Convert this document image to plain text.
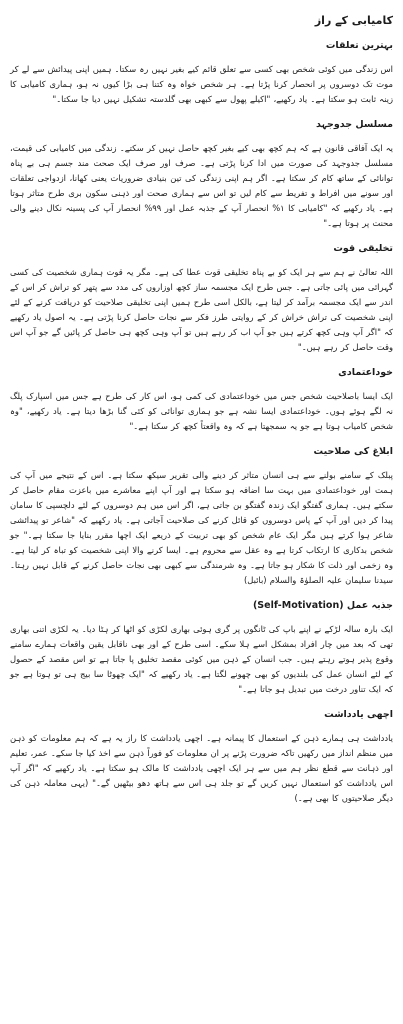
کامیابی کے راز
بہترین تعلقات

اس زندگی میں کوئی شخص بھی کسی سے تعلق قائم کیے بغیر نہیں رہ سکتا۔ ہمیں اپنی پیدائش سے لے کر موت تک دوسروں پر انحصار کرنا پڑتا ہے۔ ہر شخص خواہ وہ کتنا ہی بڑا کیوں نہ ہو، ہماری کامیابی کا زینہ ثابت ہو سکتا ہے۔ یاد رکھیے، "اکیلے پھول سے کبھی بھی گلدستہ تشکیل نہیں دیا جا سکتا۔"

مسلسل جدوجہد

یہ ایک آفاقی قانون ہے کہ ہم کچھ بھی کیے بغیر کچھ حاصل نہیں کر سکتے۔ زندگی میں کامیابی کی قیمت، مسلسل جدوجہد کی صورت میں ادا کرنا پڑتی ہے۔ صرف اور صرف ایک صحت مند جسم ہی بے پناہ توانائی کے ساتھ کام کر سکتا ہے۔ اگر ہم اپنی زندگی کی تین بنیادی ضروریات یعنی کھانا، ازدواجی تعلقات اور سونے میں افراط و تفریط سے کام لیں تو اس سے ہماری صحت اور ذہنی سکون بری طرح متاثر ہوتا ہے۔ یاد رکھیے کہ "کامیابی کا ۱% انحصار آپ کے جذبہ عمل اور ۹۹% انحصار آپ کی پسینہ نکال دینے والی محنت پر ہوتا ہے۔"

تخلیقی قوت

اللہ تعالیٰ نے ہم سے ہر ایک کو بے پناہ تخلیقی قوت عطا کی ہے۔ مگر یہ قوت ہماری شخصیت کی کسی گہرائی میں پائی جاتی ہے۔ جس طرح ایک مجسمہ ساز کچھ اوزاروں کی مدد سے پتھر کو تراش کر اس کے اندر سے ایک مجسمہ برآمد کر لیتا ہے، بالکل اسی طرح ہمیں اپنی تخلیقی صلاحیت کو دریافت کرنے کے لئے اپنی شخصیت کی تراش خراش کر کے روایتی طرز فکر سے نجات حاصل کرنا پڑتی ہے۔ یہ اصول یاد رکھیے کہ "اگر آپ وہی کچھ کرتے ہیں جو آپ اب کر رہے ہیں تو آپ وہی کچھ ہی حاصل کر پائیں گے جو آپ اس وقت حاصل کر رہے ہیں۔"

خوداعتمادی

ایک ایسا باصلاحیت شخص جس میں خوداعتمادی کی کمی ہو، اس کار کی طرح ہے جس میں اسپارک پلگ نہ لگے ہوئے ہوں۔ خوداعتمادی ایسا نشہ ہے جو ہماری توانائی کو کئی گنا بڑھا دیتا ہے۔ یاد رکھیے، "وہ شخص کامیاب ہوتا ہے جو یہ سمجھتا ہے کہ وہ واقعتاً کچھ کر سکتا ہے۔"

ابلاغ کی صلاحیت

پبلک کے سامنے بولنے سے ہی انسان متاثر کر دینے والی تقریر سیکھ سکتا ہے۔ اس کے نتیجے میں آپ کی ہمت اور خوداعتمادی میں بہت سا اضافہ ہو سکتا ہے اور آپ اپنے معاشرے میں باعزت مقام حاصل کر سکتے ہیں۔ ہماری گفتگو ایک زندہ گفتگو بن جاتی ہے، اگر اس میں ہم دوسروں کے لئے دلچسپی کا سامان پیدا کر دیں اور آپ کے پاس دوسروں کو قائل کرنے کی صلاحیت آجاتی ہے۔ یاد رکھیے کہ "شاعر تو پیدائشی شاعر ہوا کرتے ہیں مگر ایک عام شخص کو بھی تربیت کے ذریعے ایک اچھا مقرر بنایا جا سکتا ہے۔" جو شخص بدکاری کا ارتکاب کرتا ہے وہ عقل سے محروم ہے۔ ایسا کرنے والا اپنی شخصیت کو تباہ کر لیتا ہے۔ وہ زخمی اور ذلت کا شکار ہو جاتا ہے۔ وہ شرمندگی سے کبھی بھی نجات حاصل کرنے کے قابل نہیں رہتا۔ سیدنا سلیمان علیہ الصلوٰۃ والسلام (بائبل)

جذبہ عمل (Self-Motivation)

ایک بارہ سالہ لڑکے نے اپنے باپ کی ٹانگوں پر گری ہوئی بھاری لکڑی کو اٹھا کر ہٹا دیا۔ یہ لکڑی اتنی بھاری تھی کہ بعد میں چار افراد بمشکل اسے ہلا سکے۔ اسی طرح کے اور بھی ناقابل یقین واقعات ہمارے سامنے وقوع پذیر ہوتے رہتے ہیں۔ جب انسان کے ذہن میں کوئی مقصد تخلیق پا جاتا ہے تو اس مقصد کے حصول کے لئے انسان عمل کی بلندیوں کو بھی چھونے لگتا ہے۔ یاد رکھیے کہ "ایک چھوٹا سا بیج ہی تو ہوتا ہے جو کہ ایک تناور درخت میں تبدیل ہو جاتا ہے۔"

اچھی یادداشت

یادداشت ہی ہمارے ذہن کے استعمال کا پیمانہ ہے۔ اچھی یادداشت کا راز یہ ہے کہ ہم معلومات کو ذہن میں منظم انداز میں رکھیں تاکہ ضرورت پڑنے پر ان معلومات کو فوراً ذہن سے اخذ کیا جا سکے۔ عمر، تعلیم اور ذہانت سے قطع نظر ہم میں سے ہر ایک اچھی یادداشت کا مالک ہو سکتا ہے۔ یاد رکھیے کہ "اگر آپ اس یادداشت کو استعمال نہیں کریں گے تو جلد ہی اس سے ہاتھ دھو بیٹھیں گے۔" (یہی معاملہ ذہن کی دیگر صلاحیتوں کا بھی ہے۔)
